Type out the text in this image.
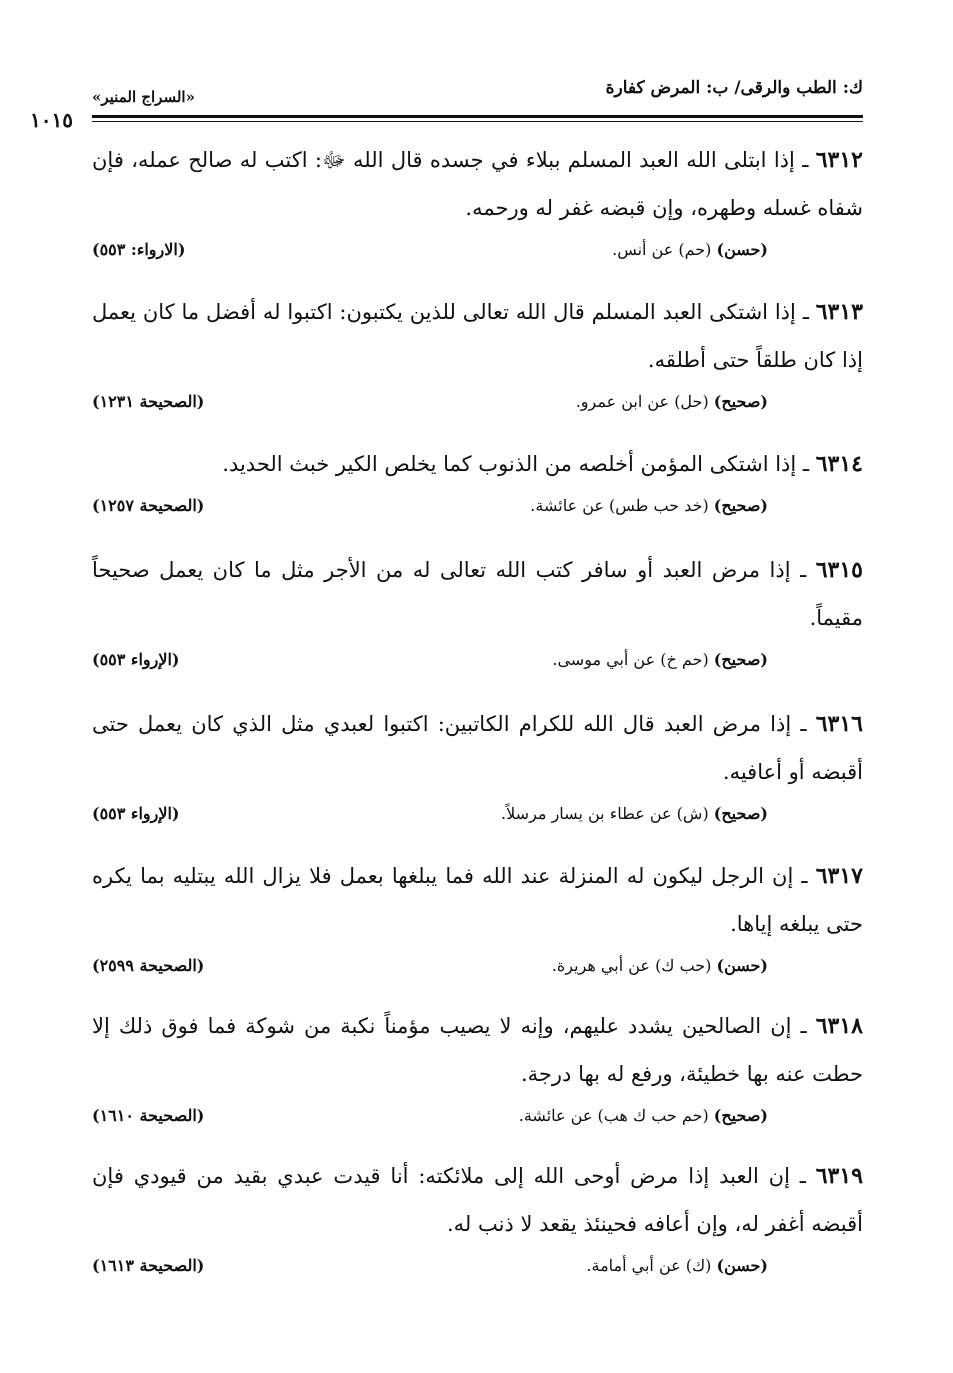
ك: الطب والرقى/ ب: المرض كفارة
«السراج المنير»
١٠١٥
٦٣١٢ ـ إذا ابتلى الله العبد المسلم ببلاء في جسده قال الله ﷻ: اكتب له صالح عمله، فإن شفاه غسله وطهره، وإن قبضه غفر له ورحمه.
(حسن) (حم) عن أنس.
(الاروا‌ء: ٥٥٣)
٦٣١٣ ـ إذا اشتكى العبد المسلم قال الله تعالى للذين يكتبون: اكتبوا له أفضل ما كان يعمل إذا كان طلقاً حتى أطلقه.
(صحيح) (حل) عن ابن عمرو.
(الصحيحة ١٢٣١)
٦٣١٤ ـ إذا اشتكى المؤمن أخلصه من الذنوب كما يخلص الكير خبث الحديد.
(صحيح) (خد حب طس) عن عائشة.
(الصحيحة ١٢٥٧)
٦٣١٥ ـ إذا مرض العبد أو سافر كتب الله تعالى له من الأجر مثل ما كان يعمل صحيحاً مقيماً.
(صحيح) (حم خ) عن أبي موسى.
(الإرواء ٥٥٣)
٦٣١٦ ـ إذا مرض العبد قال الله للكرام الكاتبين: اكتبوا لعبدي مثل الذي كان يعمل حتى أقبضه أو أعافيه.
(صحيح) (ش) عن عطاء بن يسار مرسلاً.
(الإرواء ٥٥٣)
٦٣١٧ ـ إن الرجل ليكون له المنزلة عند الله فما يبلغها بعمل فلا يزال الله يبتليه بما يكره حتى يبلغه إياها.
(حسن) (حب ك) عن أبي هريرة.
(الصحيحة ٢٥٩٩)
٦٣١٨ ـ إن الصالحين يشدد عليهم، وإنه لا يصيب مؤمناً نكبة من شوكة فما فوق ذلك إلا حطت عنه بها خطيئة، ورفع له بها درجة.
(صحيح) (حم حب ك هب) عن عائشة.
(الصحيحة ١٦١٠)
٦٣١٩ ـ إن العبد إذا مرض أوحى الله إلى ملائكته: أنا قيدت عبدي بقيد من قيودي فإن أقبضه أغفر له، وإن أعافه فحينئذ يقعد لا ذنب له.
(حسن) (ك) عن أبي أمامة.
(الصحيحة ١٦١٣)
